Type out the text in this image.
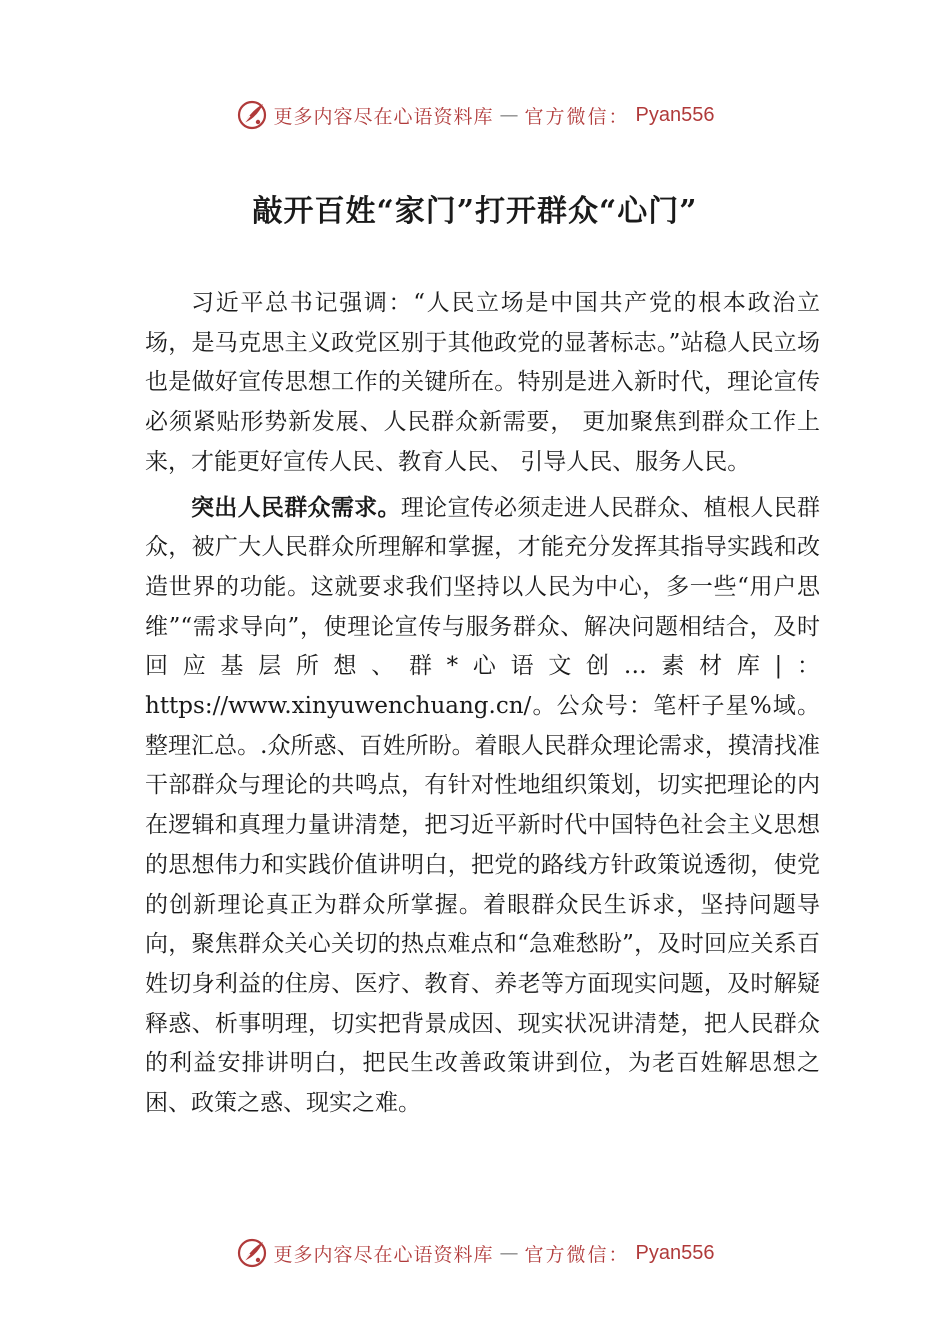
更多内容尽在心语资料库 — 官方微信： Pyan556
敲开百姓“家门”打开群众“心门”

习近平总书记强调：“人民立场是中国共产党的根本政治立场，是马克思主义政党区别于其他政党的显著标志。”站稳人民立场也是做好宣传思想工作的关键所在。特别是进入新时代，理论宣传必须紧贴形势新发展、人民群众新需要， 更加聚焦到群众工作上来，才能更好宣传人民、教育人民、 引导人民、服务人民。

突出人民群众需求。理论宣传必须走进人民群众、植根人民群众，被广大人民群众所理解和掌握，才能充分发挥其指导实践和改造世界的功能。这就要求我们坚持以人民为中心，多一些“用户思维”“需求导向”，使理论宣传与服务群众、解决问题相结合，及时回应基层所想、群*心语文创…素材库|：https://www.xinyuwenchuang.cn/。公众号：笔杆子星%域。整理汇总。.众所惑、百姓所盼。着眼人民群众理论需求，摸清找准干部群众与理论的共鸣点，有针对性地组织策划，切实把理论的内在逻辑和真理力量讲清楚，把习近平新时代中国特色社会主义思想的思想伟力和实践价值讲明白，把党的路线方针政策说透彻，使党的创新理论真正为群众所掌握。着眼群众民生诉求，坚持问题导向，聚焦群众关心关切的热点难点和“急难愁盼”，及时回应关系百姓切身利益的住房、医疗、教育、养老等方面现实问题，及时解疑释惑、析事明理，切实把背景成因、现实状况讲清楚，把人民群众的利益安排讲明白，把民生改善政策讲到位，为老百姓解思想之困、政策之惑、现实之难。

更多内容尽在心语资料库 — 官方微信： Pyan556
